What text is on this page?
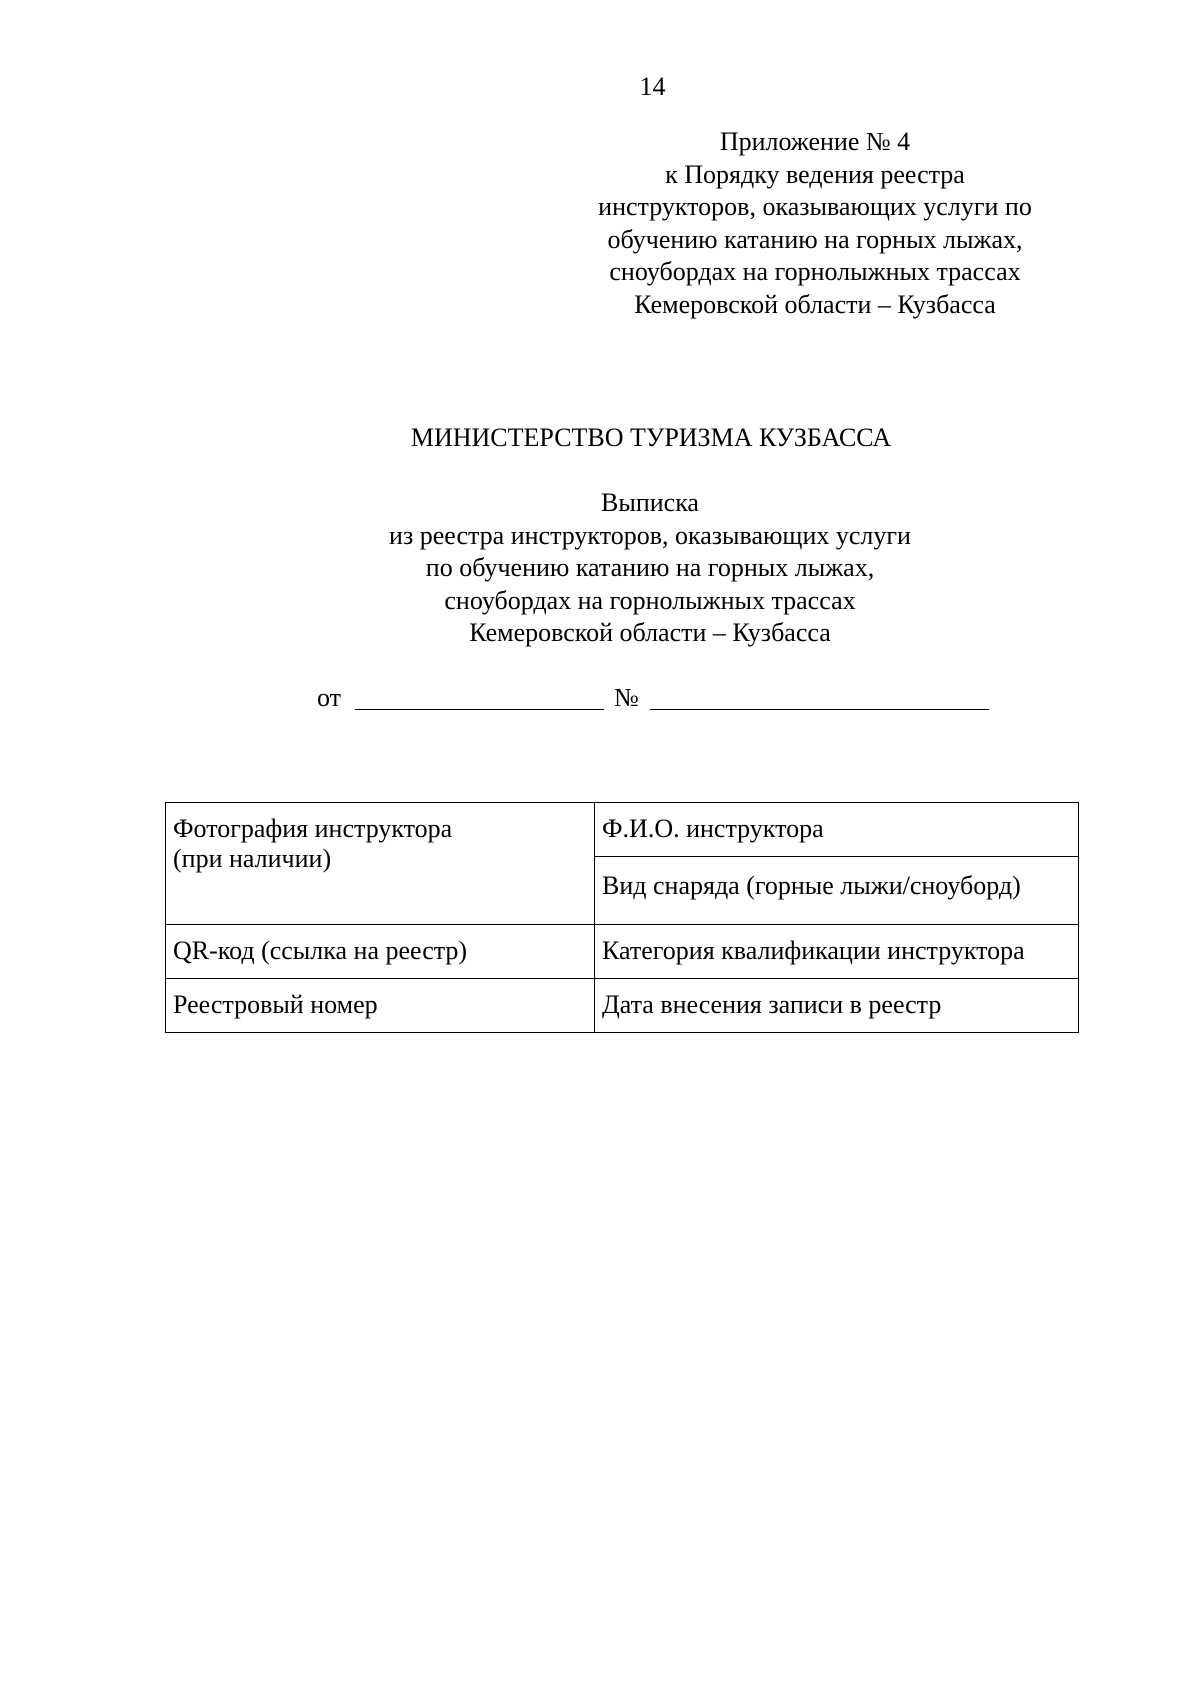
14
Приложение № 4
к Порядку ведения реестра
инструкторов, оказывающих услуги по
обучению катанию на горных лыжах,
сноубордах на горнолыжных трассах
Кемеровской области – Кузбасса
МИНИСТЕРСТВО ТУРИЗМА КУЗБАССА
Выписка
из реестра инструкторов, оказывающих услуги
по обучению катанию на горных лыжах,
сноубордах на горнолыжных трассах
Кемеровской области – Кузбасса
от	№
Фотография инструктора
(при наличии)	Ф.И.О. инструктора
	Вид снаряда (горные лыжи/сноуборд)
QR-код (ссылка на реестр)	Категория квалификации инструктора
Реестровый номер	Дата внесения записи в реестр
